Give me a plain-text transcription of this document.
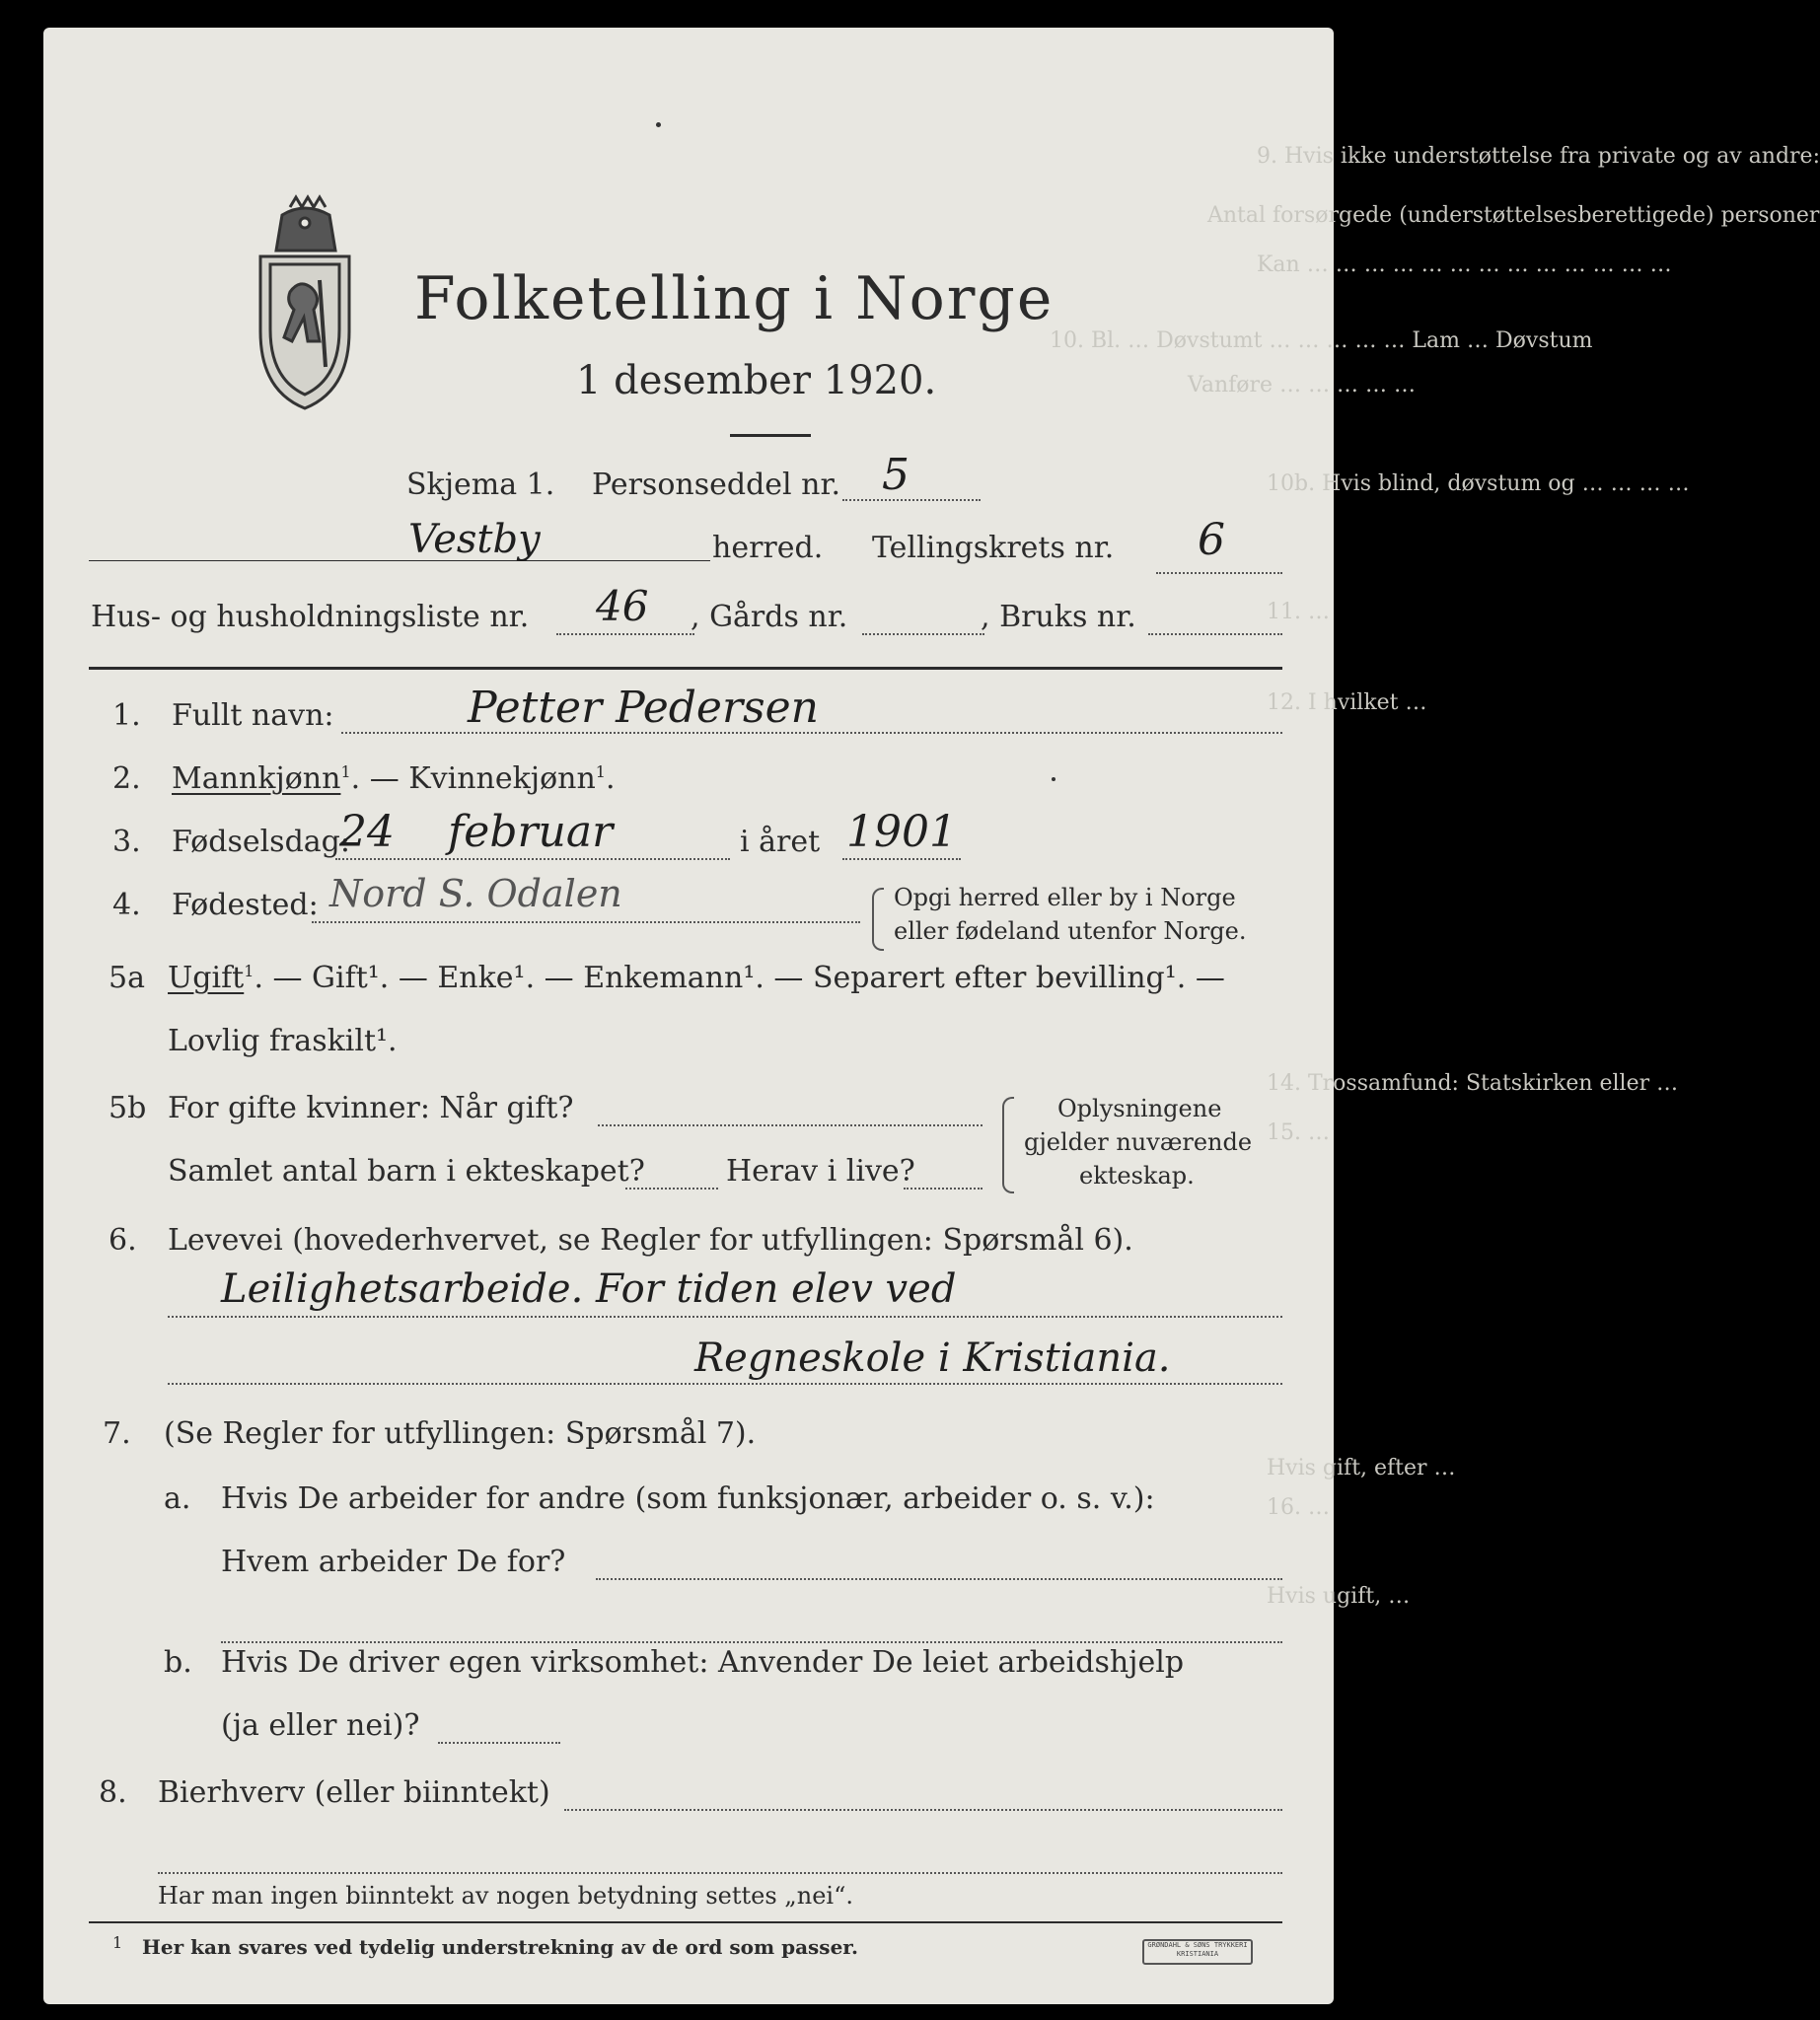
9. Hvis ikke understøttelse fra private og av andre:
Antal forsørgede (understøttelsesberettigede) personer
Kan … … … … … … … … … … … … …
10. Bl. … Døvstumt … … … … … Lam … Døvstum
Vanføre … … … … …
10b. Hvis blind, døvstum og … … … …
11. …
12. I hvilket …
14. Trossamfund: Statskirken eller …
15. …
Hvis gift, efter …
16. …
Hvis ugift, …
Folketelling i Norge
1 desember 1920.
Skjema 1. Personseddel nr. 5
Vestby	herred. Tellingskrets nr. 6
Hus- og husholdningsliste nr. 46 , Gårds nr.	, Bruks nr.
1. Fullt navn:	Petter Pedersen
2. Mannkjønn$^1$. — Kvinnekjønn$^1$.
3. Fødselsdag:
24 februar	i året 1901
4. Fødested: Nord S. Odalen	Opgi herred eller by i Norge
eller fødeland utenfor Norge.
5a Ugift$^1$. — Gift¹. — Enke¹. — Enkemann¹. — Separert efter bevilling¹. —
Lovlig fraskilt¹.
5b For gifte kvinner: Når gift?
Samlet antal barn i ekteskapet?	Herav i live?
Oplysningene
gjelder nuværende
ekteskap.
6. Levevei (hovederhvervet, se Regler for utfyllingen: Spørsmål 6).
Leilighetsarbeide. For tiden elev ved
Regneskole i Kristiania.
7. (Se Regler for utfyllingen: Spørsmål 7).
a. Hvis De arbeider for andre (som funksjonær, arbeider o. s. v.):
Hvem arbeider De for?
b. Hvis De driver egen virksomhet: Anvender De leiet arbeidshjelp
(ja eller nei)?
8. Bierhverv (eller biinntekt)
Har man ingen biinntekt av nogen betydning settes „nei“.
1 Her kan svares ved tydelig understrekning av de ord som passer.	GRØNDAHL & SØNS TRYKKERI
KRISTIANIA
